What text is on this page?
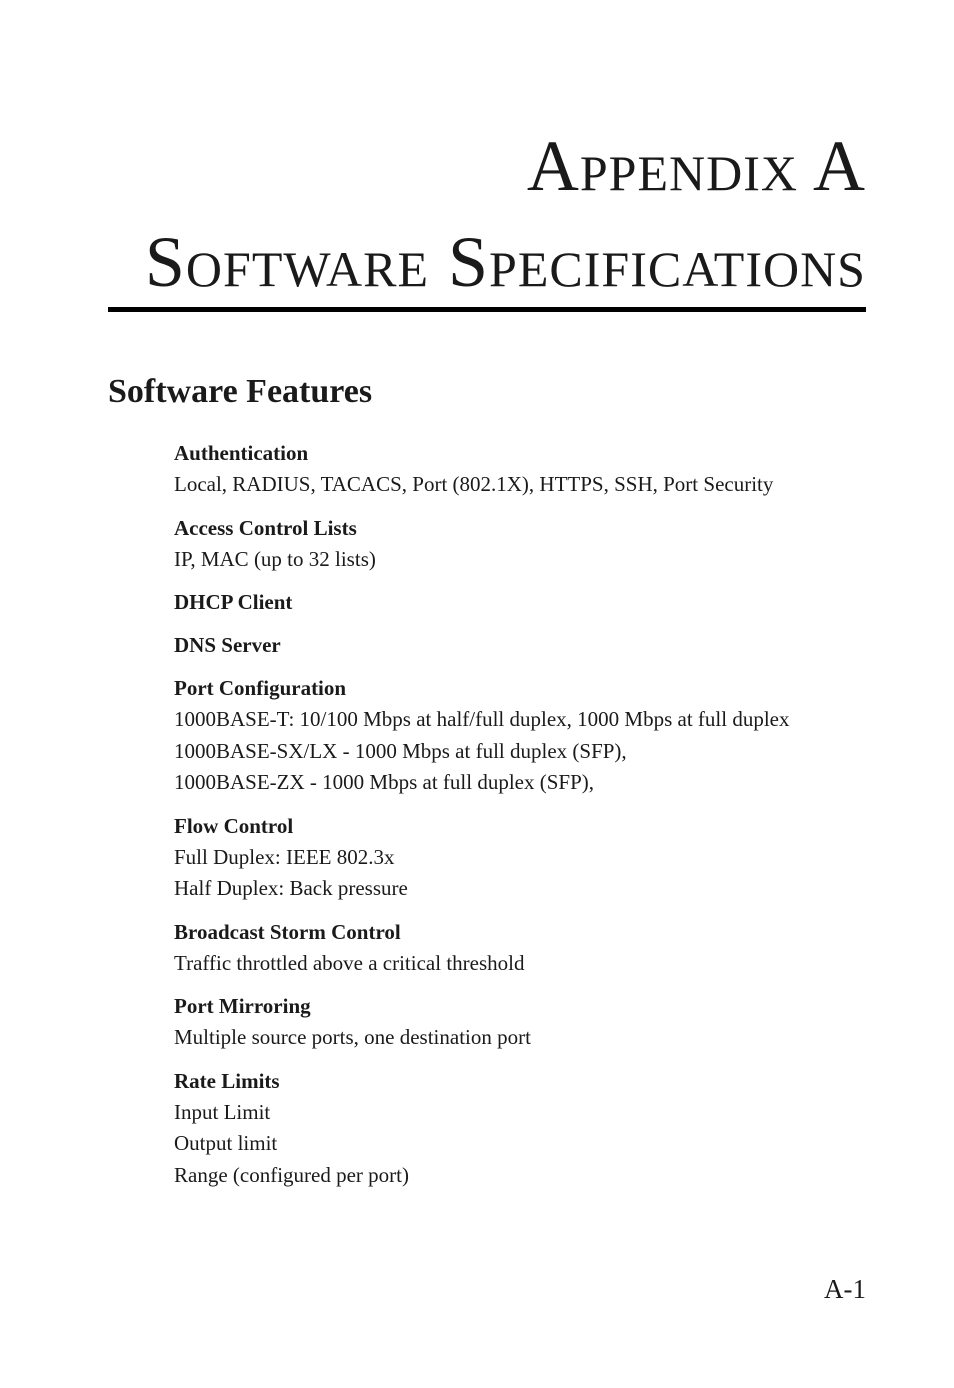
Appendix A
Software Specifications
Software Features

Authentication

Local, RADIUS, TACACS, Port (802.1X), HTTPS, SSH, Port Security

Access Control Lists

IP, MAC (up to 32 lists)

DHCP Client

DNS Server

Port Configuration

1000BASE-T: 10/100 Mbps at half/full duplex, 1000 Mbps at full duplex

1000BASE-SX/LX - 1000 Mbps at full duplex (SFP),

1000BASE-ZX - 1000 Mbps at full duplex (SFP),

Flow Control

Full Duplex: IEEE 802.3x

Half Duplex: Back pressure

Broadcast Storm Control

Traffic throttled above a critical threshold

Port Mirroring

Multiple source ports, one destination port

Rate Limits

Input Limit

Output limit

Range (configured per port)

A-1
